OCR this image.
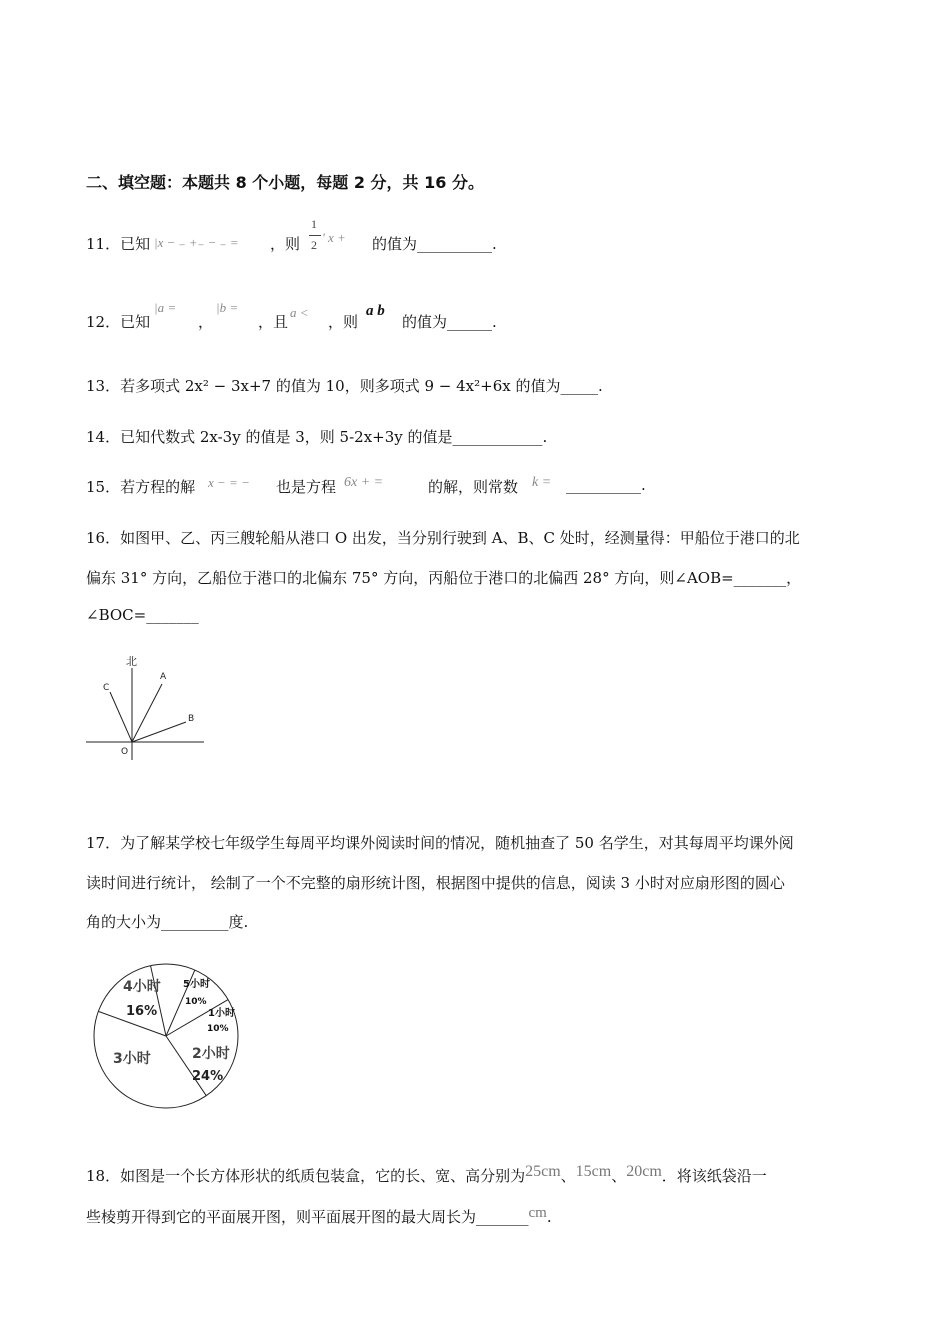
二、填空题：本题共 8 个小题，每题 2 分，共 16 分。
11．已知 |x − ₋ +₋ − ₋ = ，则
1
2 ' x + 的值为__________.
12．已知
|a =
，
|b =
，且
a <
，则
a b
的值为______.
13．若多项式 2x² − 3x+7 的值为 10，则多项式 9 − 4x²+6x 的值为_____.
14．已知代数式 2x-3y 的值是 3，则 5-2x+3y 的值是____________.
15．若方程的解 x − = − 也是方程 6x + =	的解，则常数 k = __________.
16．如图甲、乙、丙三艘轮船从港口 O 出发，当分别行驶到 A、B、C 处时，经测量得：甲船位于港口的北
偏东 31° 方向，乙船位于港口的北偏东 75° 方向，丙船位于港口的北偏西 28° 方向，则∠AOB=_______，
∠BOC=_______
北
A
B
C
O
17．为了解某学校七年级学生每周平均课外阅读时间的情况，随机抽查了 50 名学生，对其每周平均课外阅
读时间进行统计， 绘制了一个不完整的扇形统计图，根据图中提供的信息，阅读 3 小时对应扇形图的圆心
角的大小为_________度.
4小时
16%
5小时
10%
1小时
10%
2小时
24%
3小时
18．如图是一个长方体形状的纸质包装盒，它的长、宽、高分别为25cm、15cm、20cm．将该纸袋沿一
些棱剪开得到它的平面展开图，则平面展开图的最大周长为_______cm.
